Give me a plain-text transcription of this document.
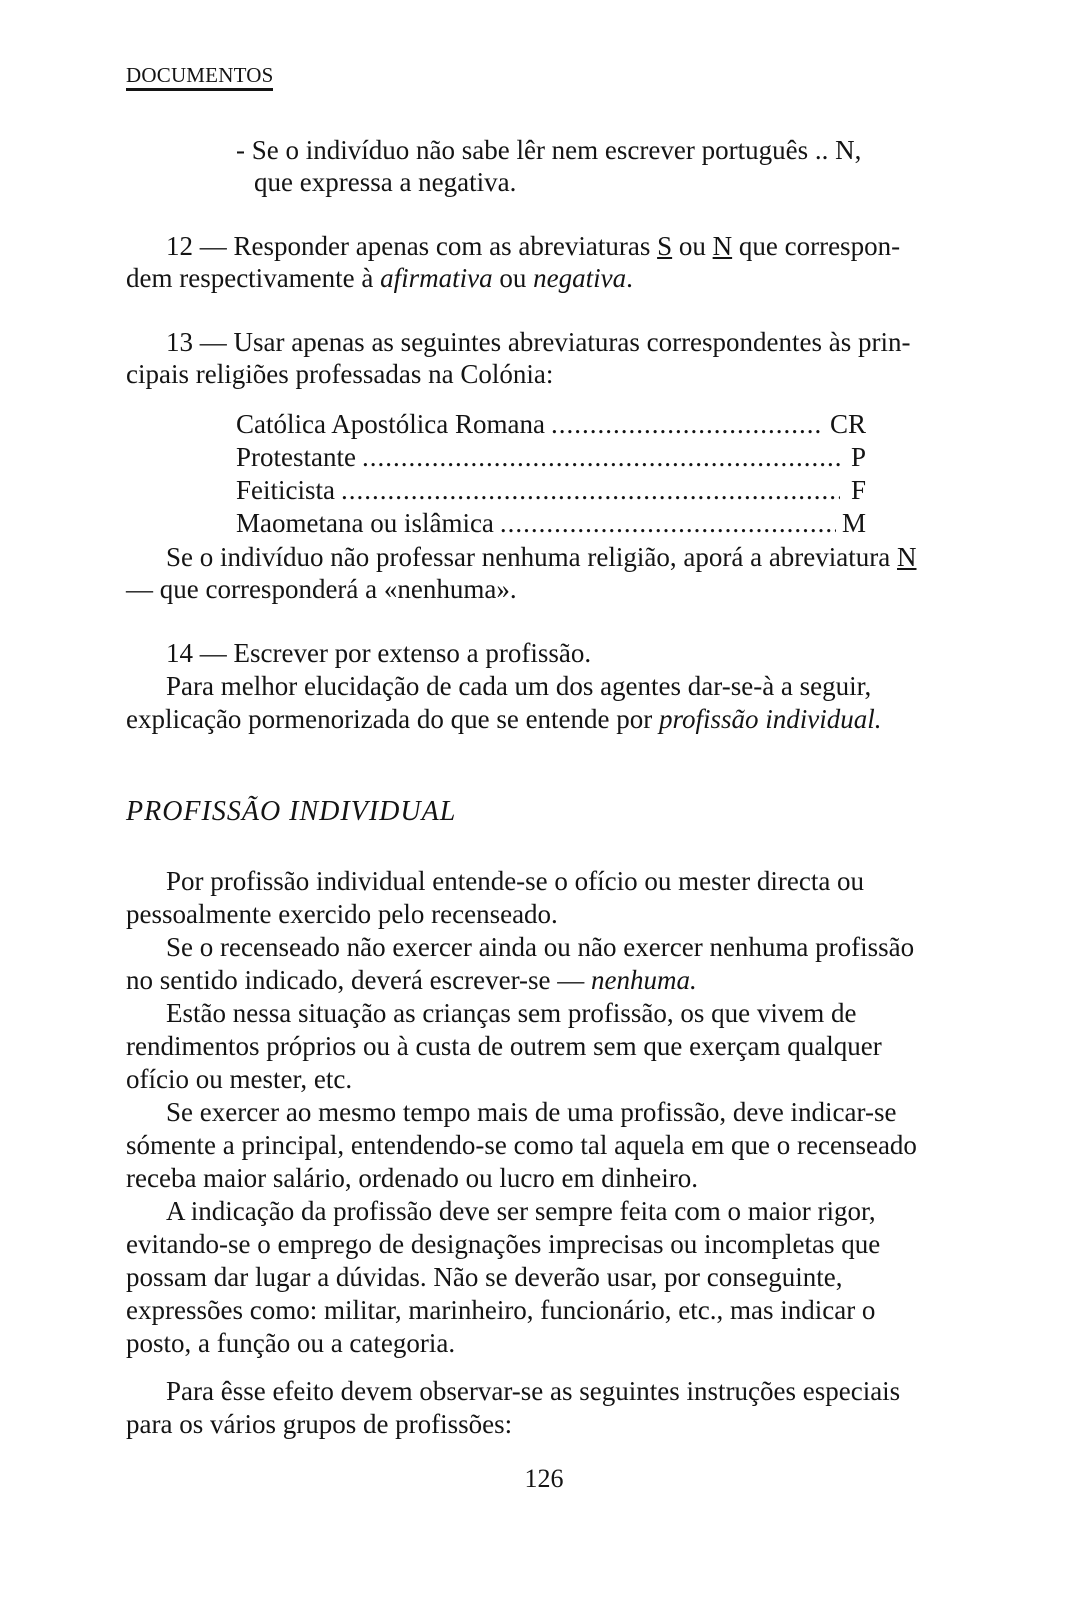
DOCUMENTOS
- Se o indivíduo não sabe lêr nem escrever português .. N,
que expressa a negativa.
12 — Responder apenas com as abreviaturas S ou N que correspon-
dem respectivamente à afirmativa ou negativa.
13 — Usar apenas as seguintes abreviaturas correspondentes às prin-
cipais religiões professadas na Colónia:
Católica Apostólica Romana .....	CR
Protestante .....	P
Feiticista .....	F
Maometana ou islâmica .....	M
Se o indivíduo não professar nenhuma religião, aporá a abreviatura N
— que corresponderá a «nenhuma».
14 — Escrever por extenso a profissão.
Para melhor elucidação de cada um dos agentes dar-se-à a seguir,
explicação pormenorizada do que se entende por profissão individual.
PROFISSÃO INDIVIDUAL
Por profissão individual entende-se o ofício ou mester directa ou
pessoalmente exercido pelo recenseado.
Se o recenseado não exercer ainda ou não exercer nenhuma profissão
no sentido indicado, deverá escrever-se — nenhuma.
Estão nessa situação as crianças sem profissão, os que vivem de
rendimentos próprios ou à custa de outrem sem que exerçam qualquer
ofício ou mester, etc.
Se exercer ao mesmo tempo mais de uma profissão, deve indicar-se
sómente a principal, entendendo-se como tal aquela em que o recenseado
receba maior salário, ordenado ou lucro em dinheiro.
A indicação da profissão deve ser sempre feita com o maior rigor,
evitando-se o emprego de designações imprecisas ou incompletas que
possam dar lugar a dúvidas. Não se deverão usar, por conseguinte,
expressões como: militar, marinheiro, funcionário, etc., mas indicar o
posto, a função ou a categoria.
Para êsse efeito devem observar-se as seguintes instruções especiais
para os vários grupos de profissões:
126
